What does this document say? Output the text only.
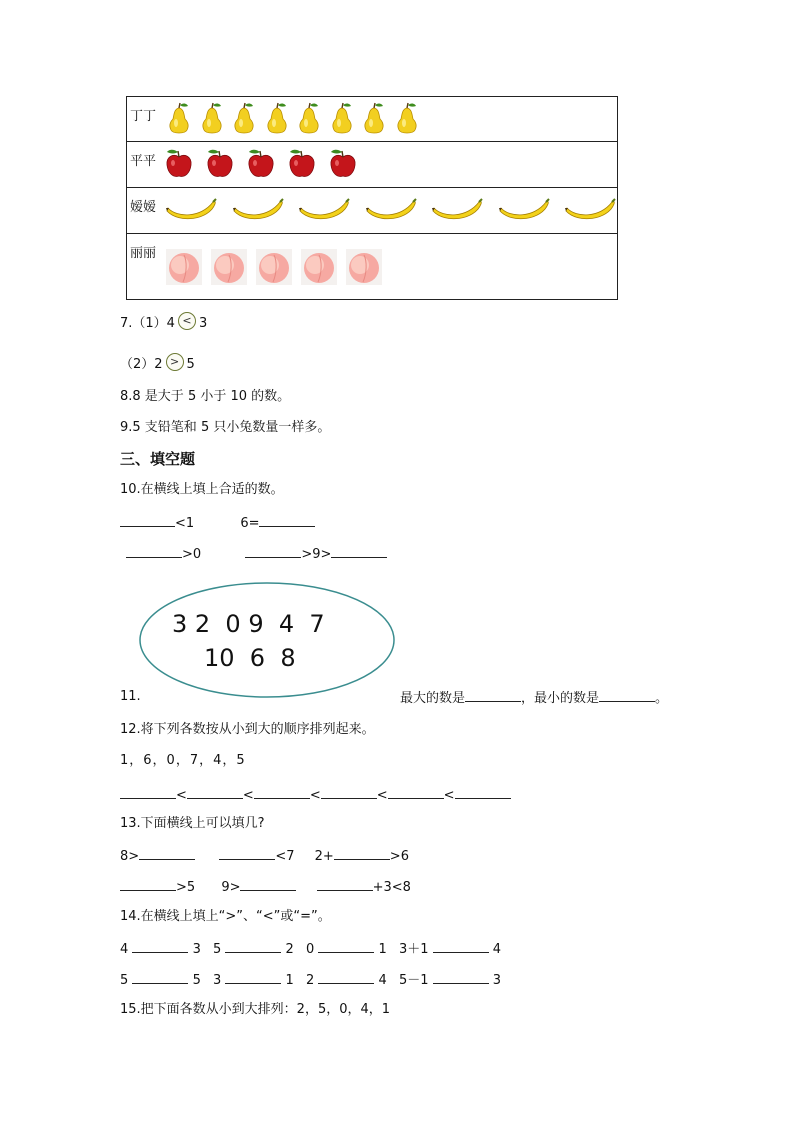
丁丁
平平
嫒嫒
丽丽
7.（1）4 < 3
（2）2 > 5
8.8 是大于 5 小于 10 的数。
9.5 支铅笔和 5 只小兔数量一样多。
三、填空题
10.在横线上填上合适的数。
<1	6=
>0	>9>
3 2  0 9  4  7
10  6  8
11.	最大的数是	，最小的数是	。
12.将下列各数按从小到大的顺序排列起来。
1，6，0，7，4，5
<	<	<	<	<
13.下面横线上可以填几?
8>	<7 2+	>6
>5 9>	+3<8
14.在横线上填上“>”、“<”或“=”。
4	3 5	2 0	1 3＋1	4
5	5 3	1 2	4 5－1	3
15.把下面各数从小到大排列：2，5，0，4，1
